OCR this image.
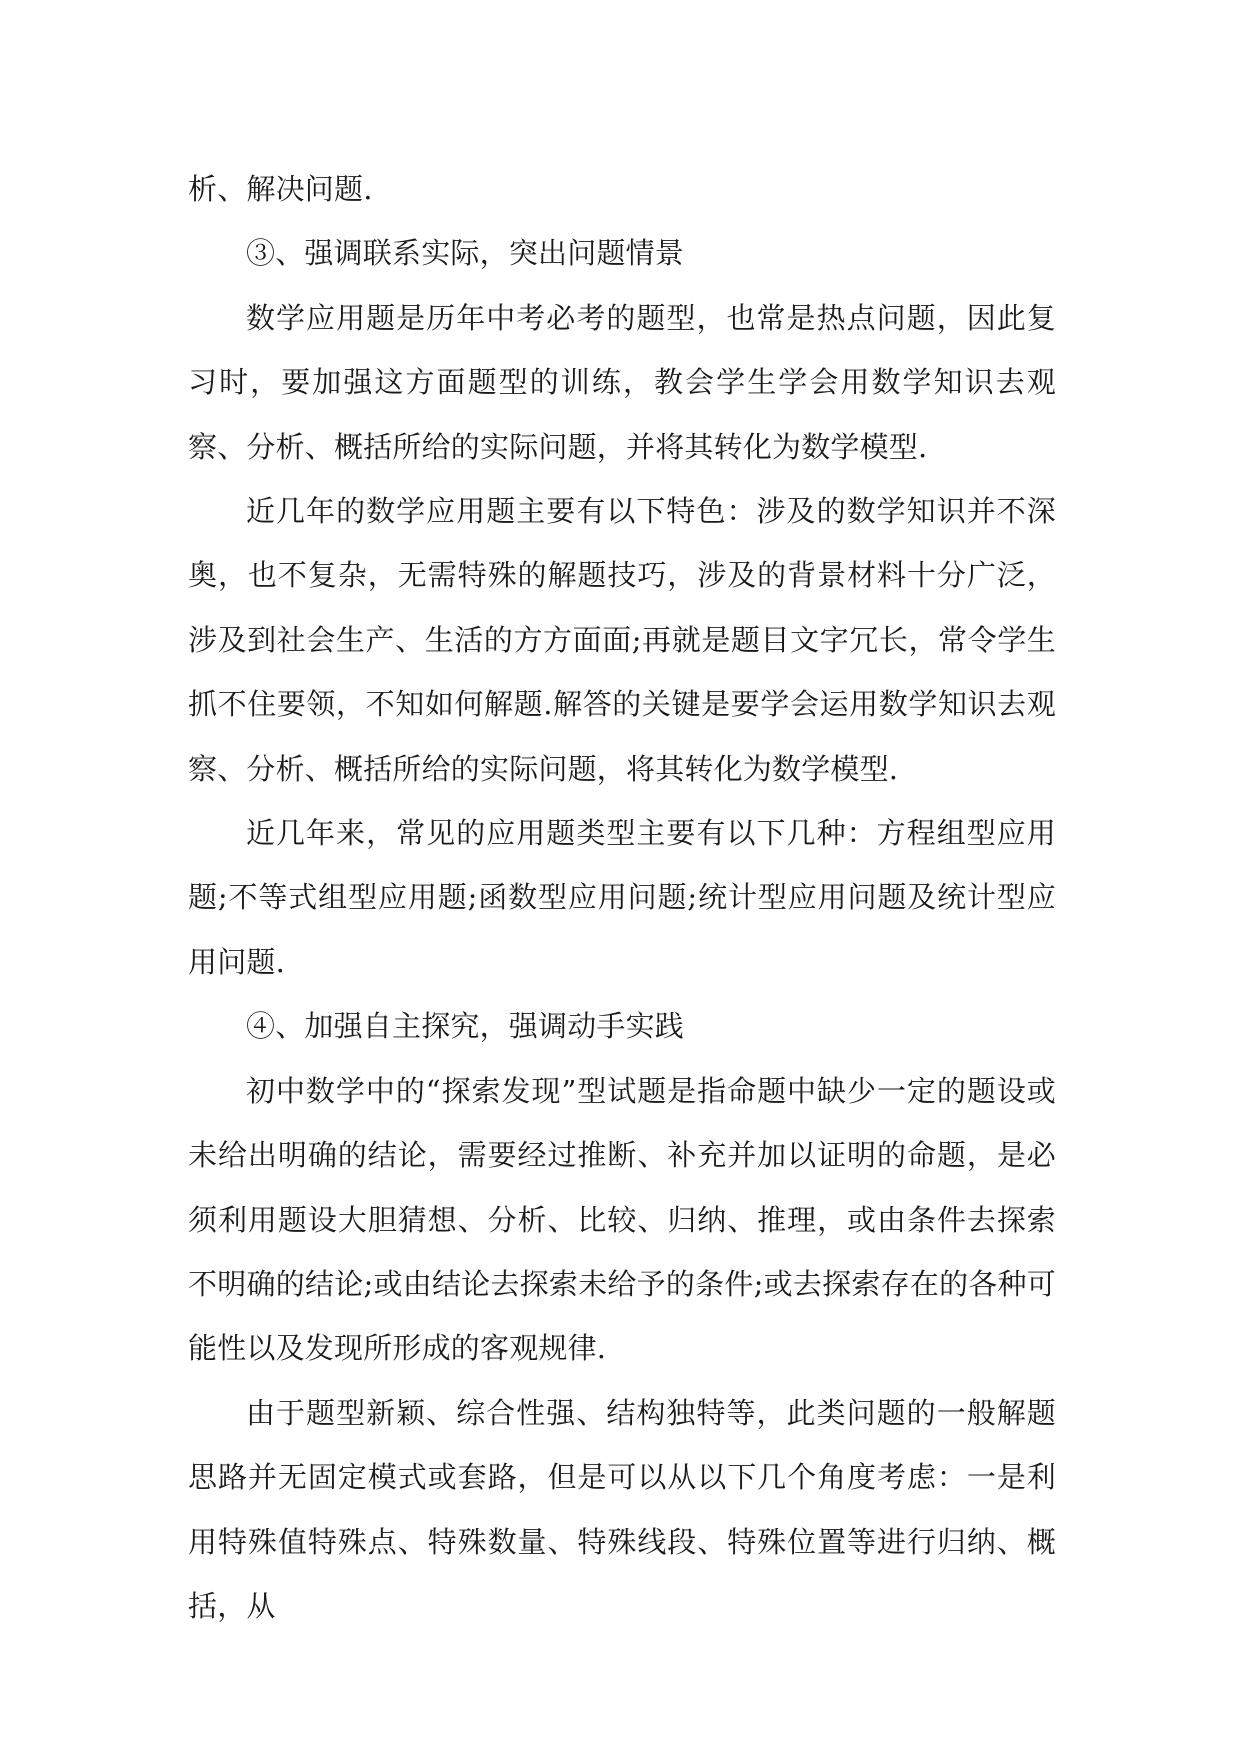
析、解决问题.

③、强调联系实际，突出问题情景

数学应用题是历年中考必考的题型，也常是热点问题，因此复习时，要加强这方面题型的训练，教会学生学会用数学知识去观察、分析、概括所给的实际问题，并将其转化为数学模型.

近几年的数学应用题主要有以下特色：涉及的数学知识并不深奥，也不复杂，无需特殊的解题技巧，涉及的背景材料十分广泛，涉及到社会生产、生活的方方面面;再就是题目文字冗长，常令学生抓不住要领，不知如何解题.解答的关键是要学会运用数学知识去观察、分析、概括所给的实际问题，将其转化为数学模型.

近几年来，常见的应用题类型主要有以下几种：方程组型应用题;不等式组型应用题;函数型应用问题;统计型应用问题及统计型应用问题.

④、加强自主探究，强调动手实践

初中数学中的“探索发现”型试题是指命题中缺少一定的题设或未给出明确的结论，需要经过推断、补充并加以证明的命题，是必须利用题设大胆猜想、分析、比较、归纳、推理，或由条件去探索不明确的结论;或由结论去探索未给予的条件;或去探索存在的各种可能性以及发现所形成的客观规律.

由于题型新颖、综合性强、结构独特等，此类问题的一般解题思路并无固定模式或套路，但是可以从以下几个角度考虑：一是利用特殊值特殊点、特殊数量、特殊线段、特殊位置等进行归纳、概括，从
